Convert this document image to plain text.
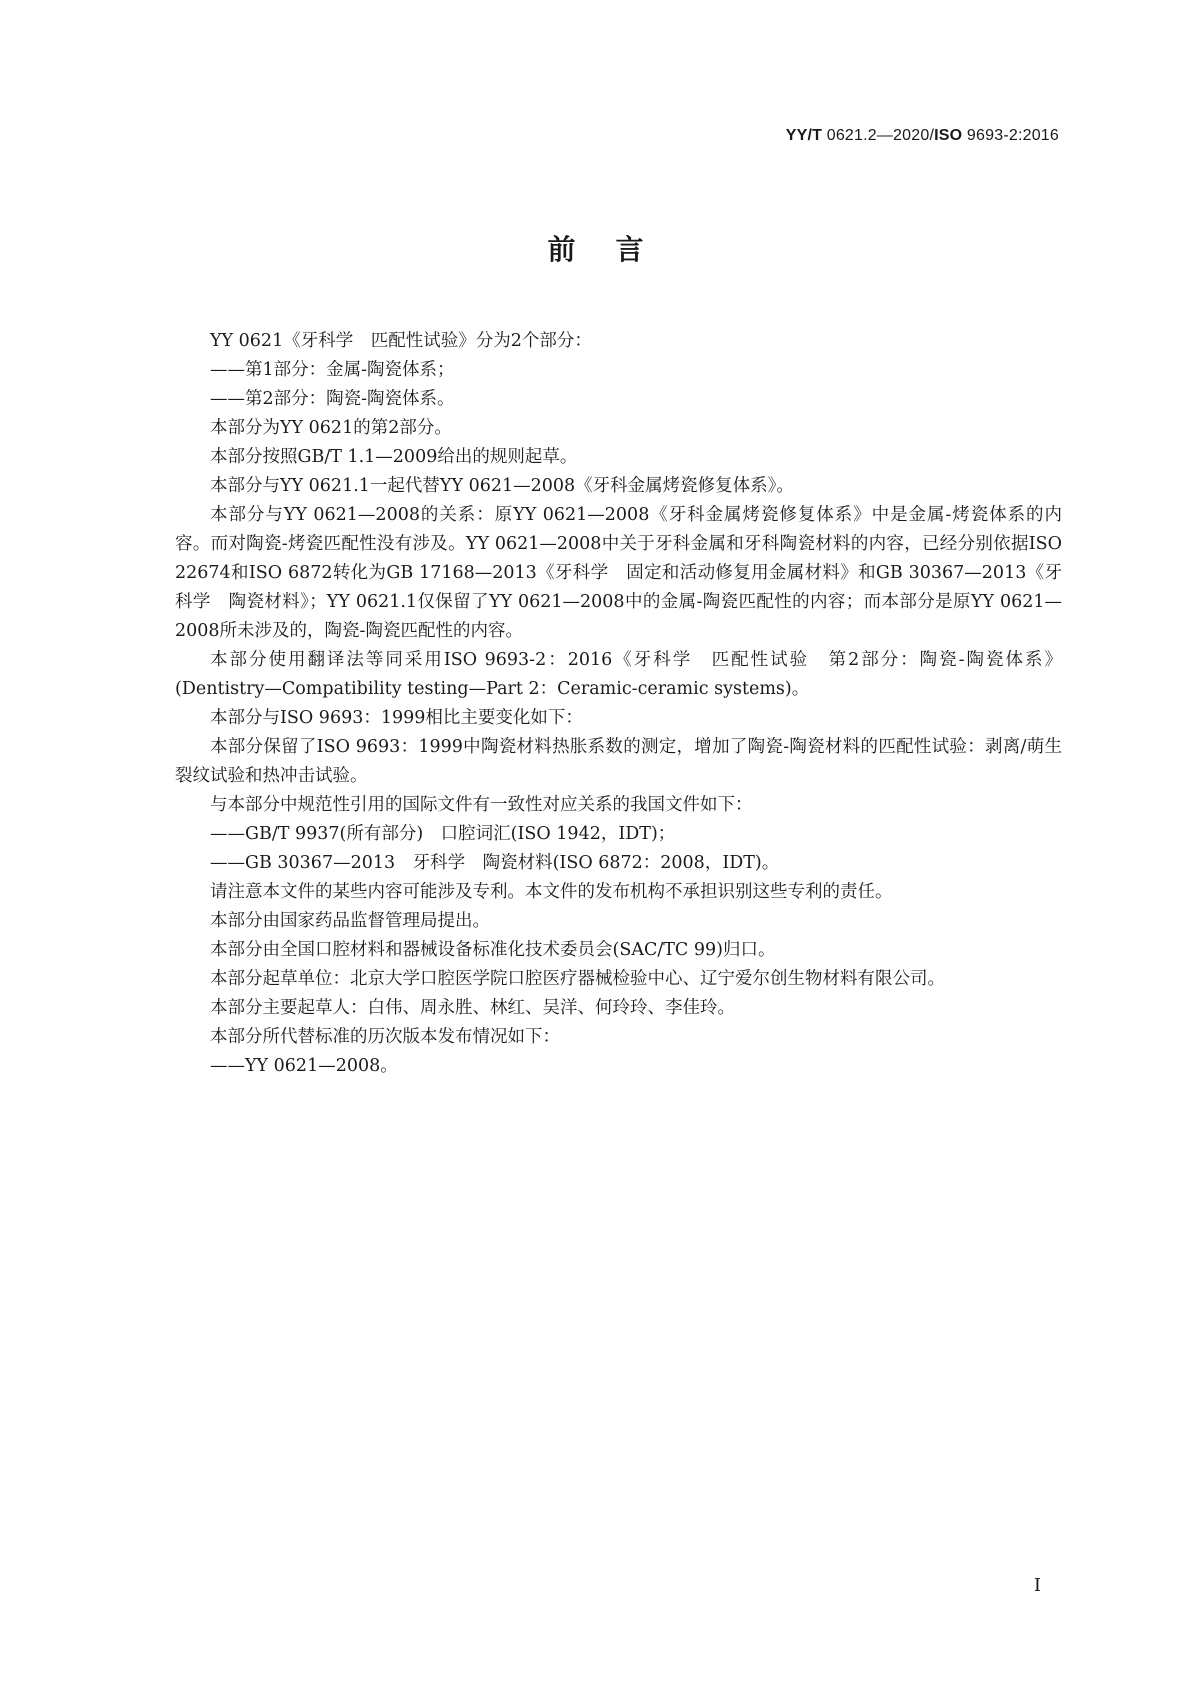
YY/T 0621.2—2020/ISO 9693-2:2016
前言

YY 0621《牙科学　匹配性试验》分为2个部分：

——第1部分：金属-陶瓷体系；

——第2部分：陶瓷-陶瓷体系。

本部分为YY 0621的第2部分。

本部分按照GB/T 1.1—2009给出的规则起草。

本部分与YY 0621.1一起代替YY 0621—2008《牙科金属烤瓷修复体系》。

本部分与YY 0621—2008的关系：原YY 0621—2008《牙科金属烤瓷修复体系》中是金属-烤瓷体系的内容。而对陶瓷-烤瓷匹配性没有涉及。YY 0621—2008中关于牙科金属和牙科陶瓷材料的内容，已经分别依据ISO 22674和ISO 6872转化为GB 17168—2013《牙科学　固定和活动修复用金属材料》和GB 30367—2013《牙科学　陶瓷材料》；YY 0621.1仅保留了YY 0621—2008中的金属-陶瓷匹配性的内容；而本部分是原YY 0621—2008所未涉及的，陶瓷-陶瓷匹配性的内容。

本部分使用翻译法等同采用ISO 9693-2：2016《牙科学　匹配性试验　第2部分：陶瓷-陶瓷体系》(Dentistry—Compatibility testing—Part 2：Ceramic-ceramic systems)。

本部分与ISO 9693：1999相比主要变化如下：

本部分保留了ISO 9693：1999中陶瓷材料热胀系数的测定，增加了陶瓷-陶瓷材料的匹配性试验：剥离/萌生裂纹试验和热冲击试验。

与本部分中规范性引用的国际文件有一致性对应关系的我国文件如下：

——GB/T 9937(所有部分)　口腔词汇(ISO 1942，IDT)；

——GB 30367—2013　牙科学　陶瓷材料(ISO 6872：2008，IDT)。

请注意本文件的某些内容可能涉及专利。本文件的发布机构不承担识别这些专利的责任。

本部分由国家药品监督管理局提出。

本部分由全国口腔材料和器械设备标准化技术委员会(SAC/TC 99)归口。

本部分起草单位：北京大学口腔医学院口腔医疗器械检验中心、辽宁爱尔创生物材料有限公司。

本部分主要起草人：白伟、周永胜、林红、吴洋、何玲玲、李佳玲。

本部分所代替标准的历次版本发布情况如下：

——YY 0621—2008。

I
